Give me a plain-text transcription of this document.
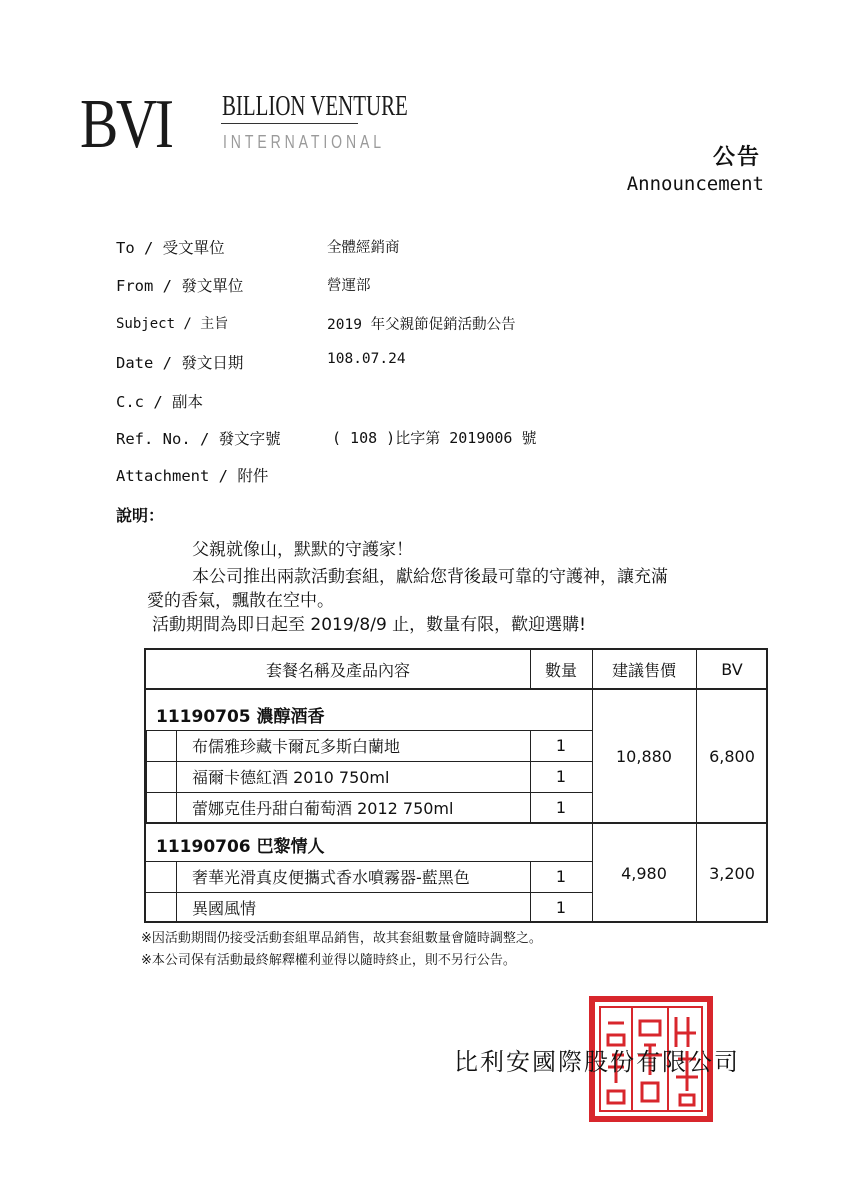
BVI BILLION VENTURE
INTERNATIONAL
公告
Announcement
To / 受文單位	全體經銷商
From / 發文單位	營運部
Subject / 主旨	2019 年父親節促銷活動公告
Date / 發文日期	108.07.24
C.c / 副本
Ref. No. / 發文字號	( 108 )比字第 2019006 號
Attachment / 附件
說明：
父親就像山，默默的守護家！
本公司推出兩款活動套組，獻給您背後最可靠的守護神，讓充滿
愛的香氣，飄散在空中。
活動期間為即日起至 2019/8/9 止，數量有限，歡迎選購!
套餐名稱及產品內容	數量	建議售價	BV
11190705 濃醇酒香
布儒雅珍藏卡爾瓦多斯白蘭地	1
福爾卡德紅酒 2010 750ml	1
蕾娜克佳丹甜白葡萄酒 2012 750ml	1
10,880	6,800
11190706 巴黎情人
奢華光滑真皮便攜式香水噴霧器-藍黑色	1
異國風情	1
4,980	3,200
※因活動期間仍接受活動套組單品銷售，故其套組數量會隨時調整之。
※本公司保有活動最終解釋權利並得以隨時終止，則不另行公告。
比利安國際股份有限公司
